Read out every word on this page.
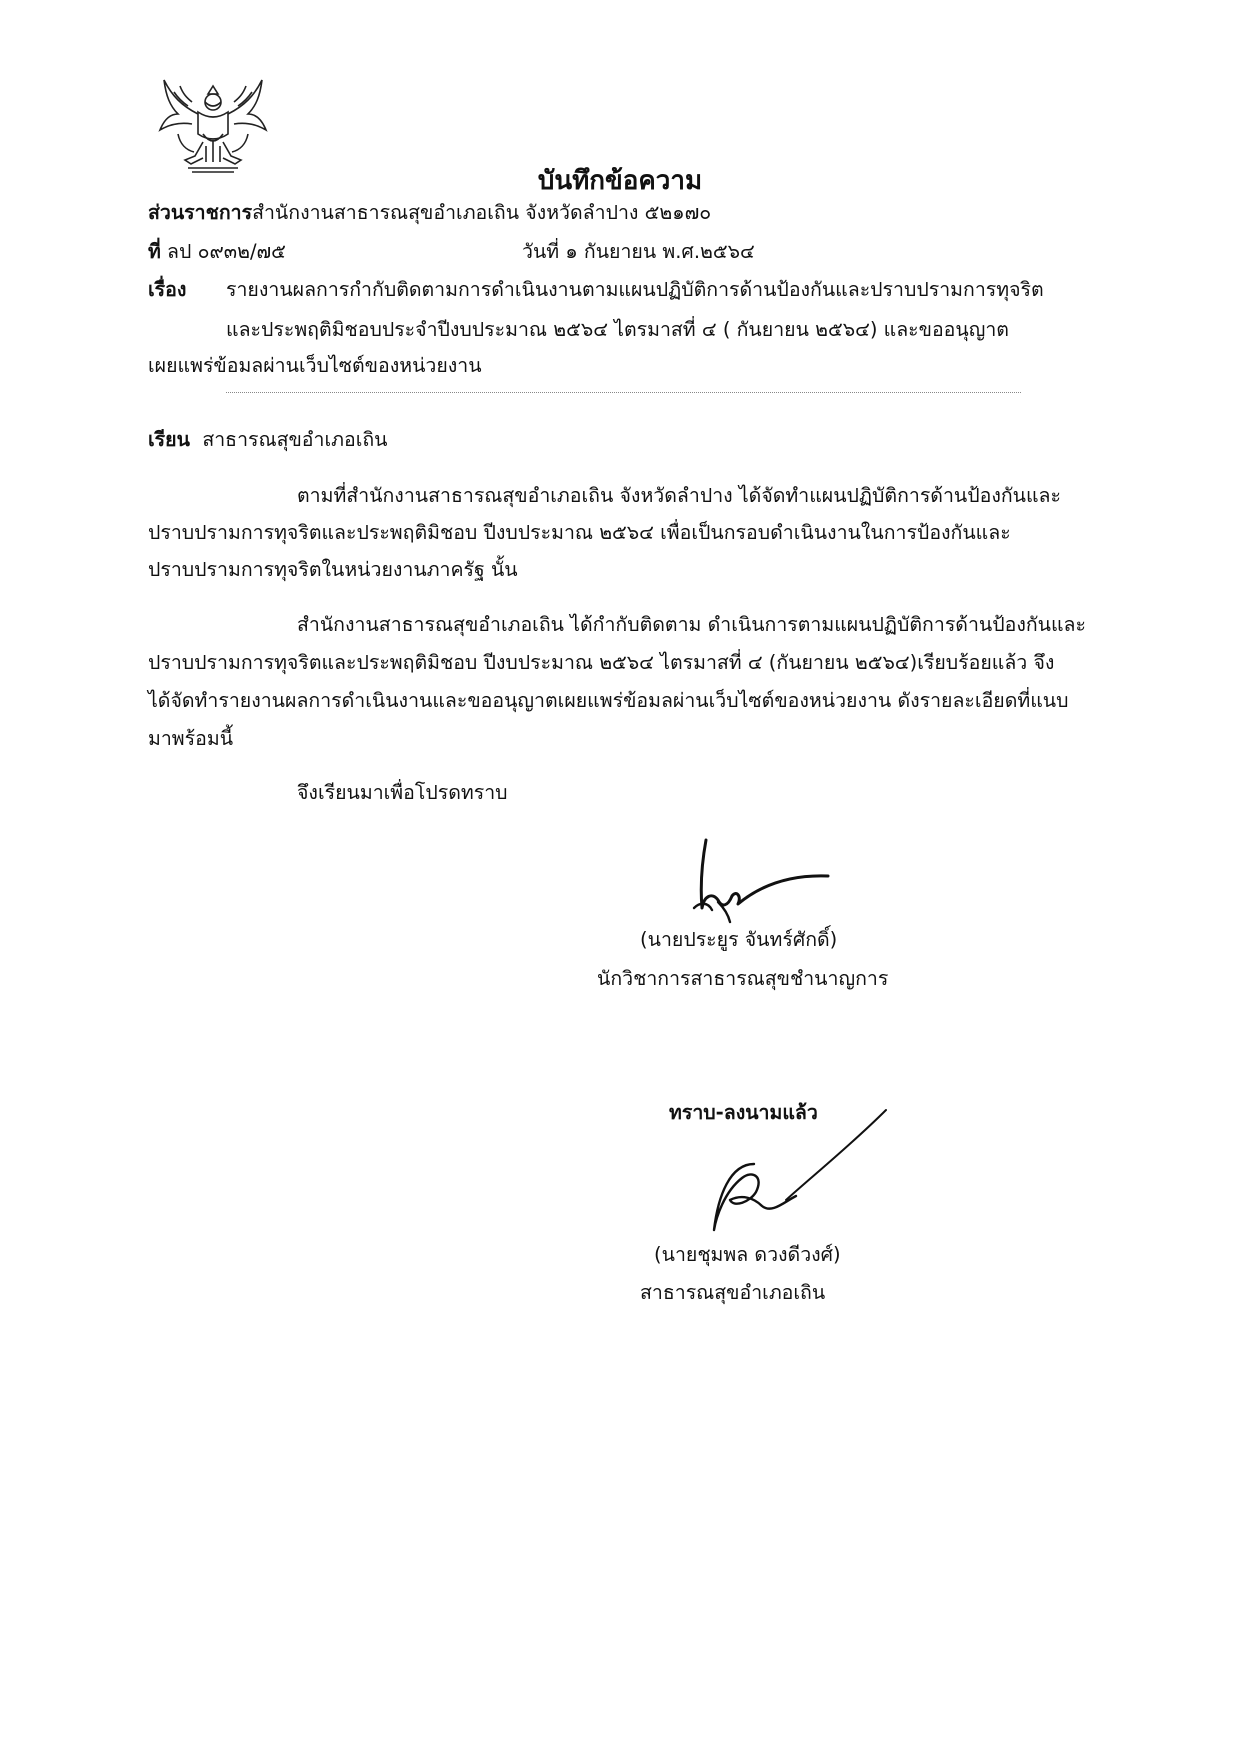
บันทึกข้อความ
ส่วนราชการสำนักงานสาธารณสุขอำเภอเถิน จังหวัดลำปาง ๕๒๑๗๐
ที่ ลป ๐๙๓๒/๗๕	วันที่ ๑ กันยายน พ.ศ.๒๕๖๔
เรื่อง รายงานผลการกำกับติดตามการดำเนินงานตามแผนปฏิบัติการด้านป้องกันและปราบปรามการทุจริต
และประพฤติมิชอบประจำปีงบประมาณ ๒๕๖๔ ไตรมาสที่ ๔ ( กันยายน ๒๕๖๔) และขออนุญาต
เผยแพร่ข้อมลผ่านเว็บไซต์ของหน่วยงาน
เรียน สาธารณสุขอำเภอเถิน
ตามที่สำนักงานสาธารณสุขอำเภอเถิน จังหวัดลำปาง ได้จัดทำแผนปฏิบัติการด้านป้องกันและ
ปราบปรามการทุจริตและประพฤติมิชอบ ปีงบประมาณ ๒๕๖๔ เพื่อเป็นกรอบดำเนินงานในการป้องกันและ
ปราบปรามการทุจริตในหน่วยงานภาครัฐ นั้น
สำนักงานสาธารณสุขอำเภอเถิน ได้กำกับติดตาม ดำเนินการตามแผนปฏิบัติการด้านป้องกันและ
ปราบปรามการทุจริตและประพฤติมิชอบ ปีงบประมาณ ๒๕๖๔ ไตรมาสที่ ๔ (กันยายน ๒๕๖๔)เรียบร้อยแล้ว จึง
ได้จัดทำรายงานผลการดำเนินงานและขออนุญาตเผยแพร่ข้อมลผ่านเว็บไซต์ของหน่วยงาน ดังรายละเอียดที่แนบ
มาพร้อมนี้
จึงเรียนมาเพื่อโปรดทราบ
(นายประยูร จันทร์ศักดิ์)
นักวิชาการสาธารณสุขชำนาญการ
ทราบ-ลงนามแล้ว
(นายชุมพล ดวงดีวงศ์)
สาธารณสุขอำเภอเถิน
